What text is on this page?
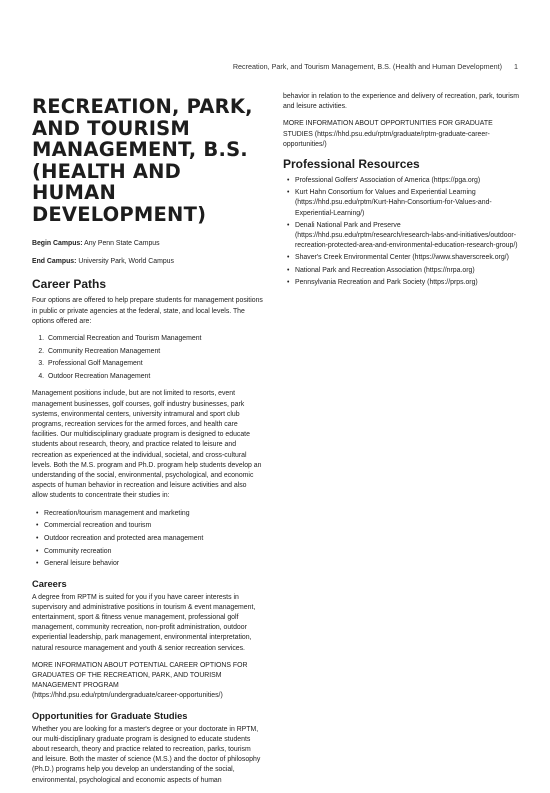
Recreation, Park, and Tourism Management, B.S. (Health and Human Development) 1
RECREATION, PARK, AND TOURISM MANAGEMENT, B.S. (HEALTH AND HUMAN DEVELOPMENT)

Begin Campus: Any Penn State Campus

End Campus: University Park, World Campus

Career Paths

Four options are offered to help prepare students for management positions in public or private agencies at the federal, state, and local levels. The options offered are:

1. Commercial Recreation and Tourism Management
2. Community Recreation Management
3. Professional Golf Management
4. Outdoor Recreation Management

Management positions include, but are not limited to resorts, event management businesses, golf courses, golf industry businesses, park systems, environmental centers, university intramural and sport club programs, recreation services for the armed forces, and health care facilities. Our multidisciplinary graduate program is designed to educate students about research, theory, and practice related to leisure and recreation as experienced at the individual, societal, and cross-cultural levels. Both the M.S. program and Ph.D. program help students develop an understanding of the social, environmental, psychological, and economic aspects of human behavior in recreation and leisure activities and also allow students to concentrate their studies in:

• Recreation/tourism management and marketing
• Commercial recreation and tourism
• Outdoor recreation and protected area management
• Community recreation
• General leisure behavior
Careers

A degree from RPTM is suited for you if you have career interests in supervisory and administrative positions in tourism & event management, entertainment, sport & fitness venue management, professional golf management, community recreation, non-profit administration, outdoor experiential leadership, park management, environmental interpretation, natural resource management and youth & senior recreation services.

MORE INFORMATION ABOUT POTENTIAL CAREER OPTIONS FOR GRADUATES OF THE RECREATION, PARK, AND TOURISM MANAGEMENT PROGRAM (https://hhd.psu.edu/rptm/undergraduate/career-opportunities/)

Opportunities for Graduate Studies

Whether you are looking for a master's degree or your doctorate in RPTM, our multi-disciplinary graduate program is designed to educate students about research, theory and practice related to recreation, parks, tourism and leisure. Both the master of science (M.S.) and the doctor of philosophy (Ph.D.) programs help you develop an understanding of the social, environmental, psychological and economic aspects of human

behavior in relation to the experience and delivery of recreation, park, tourism and leisure activities.

MORE INFORMATION ABOUT OPPORTUNITIES FOR GRADUATE STUDIES (https://hhd.psu.edu/rptm/graduate/rptm-graduate-career-opportunities/)

Professional Resources
• Professional Golfers' Association of America (https://pga.org)
• Kurt Hahn Consortium for Values and Experiential Learning (https://hhd.psu.edu/rptm/Kurt-Hahn-Consortium-for-Values-and-Experiential-Learning/)
• Denali National Park and Preserve (https://hhd.psu.edu/rptm/research/research-labs-and-initiatives/outdoor-recreation-protected-area-and-environmental-education-research-group/)
• Shaver's Creek Environmental Center (https://www.shaverscreek.org/)
• National Park and Recreation Association (https://nrpa.org)
• Pennsylvania Recreation and Park Society (https://prps.org)
